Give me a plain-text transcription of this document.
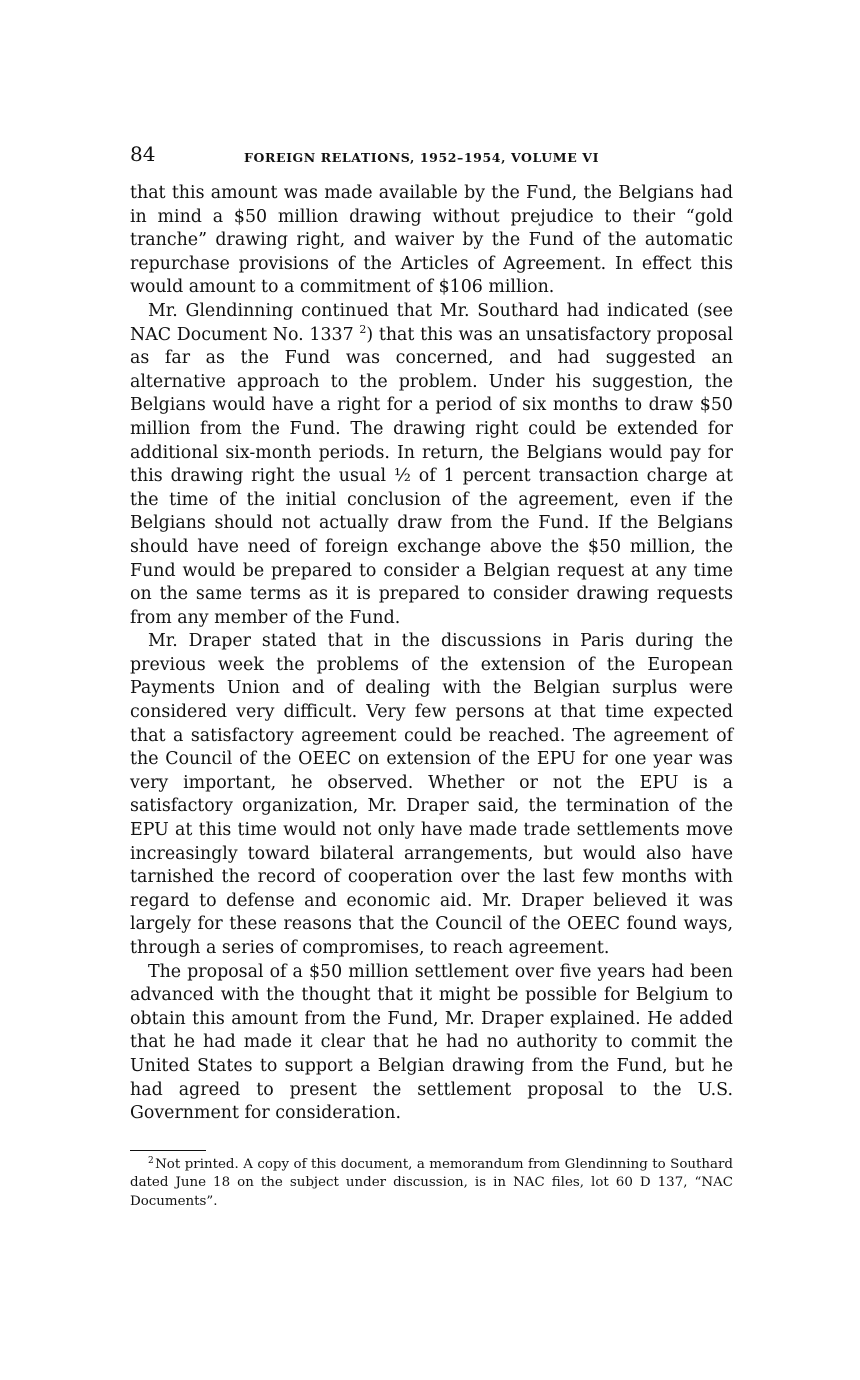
84	FOREIGN RELATIONS, 1952–1954, VOLUME VI

that this amount was made available by the Fund, the Belgians had in mind a $50 million drawing without prejudice to their “gold tranche” drawing right, and waiver by the Fund of the automatic repurchase provisions of the Articles of Agreement. In effect this would amount to a commitment of $106 million.

Mr. Glendinning continued that Mr. Southard had indicated (see NAC Document No. 1337 $^2$) that this was an unsatisfactory proposal as far as the Fund was concerned, and had suggested an alternative approach to the problem. Under his suggestion, the Belgians would have a right for a period of six months to draw $50 million from the Fund. The drawing right could be extended for additional six-month periods. In return, the Belgians would pay for this drawing right the usual ½ of 1 percent transaction charge at the time of the initial conclusion of the agreement, even if the Belgians should not actually draw from the Fund. If the Belgians should have need of foreign exchange above the $50 million, the Fund would be prepared to consider a Belgian request at any time on the same terms as it is prepared to consider drawing requests from any member of the Fund.

Mr. Draper stated that in the discussions in Paris during the previous week the problems of the extension of the European Payments Union and of dealing with the Belgian surplus were considered very difficult. Very few persons at that time expected that a satisfactory agreement could be reached. The agreement of the Council of the OEEC on extension of the EPU for one year was very important, he observed. Whether or not the EPU is a satisfactory organization, Mr. Draper said, the termination of the EPU at this time would not only have made trade settlements move increasingly toward bilateral arrangements, but would also have tarnished the record of cooperation over the last few months with regard to defense and economic aid. Mr. Draper believed it was largely for these reasons that the Council of the OEEC found ways, through a series of compromises, to reach agreement.

The proposal of a $50 million settlement over five years had been advanced with the thought that it might be possible for Belgium to obtain this amount from the Fund, Mr. Draper explained. He added that he had made it clear that he had no authority to commit the United States to support a Belgian drawing from the Fund, but he had agreed to present the settlement proposal to the U.S. Government for consideration.

$^2$ Not printed. A copy of this document, a memorandum from Glendinning to Southard dated June 18 on the subject under discussion, is in NAC files, lot 60 D 137, “NAC Documents”.
